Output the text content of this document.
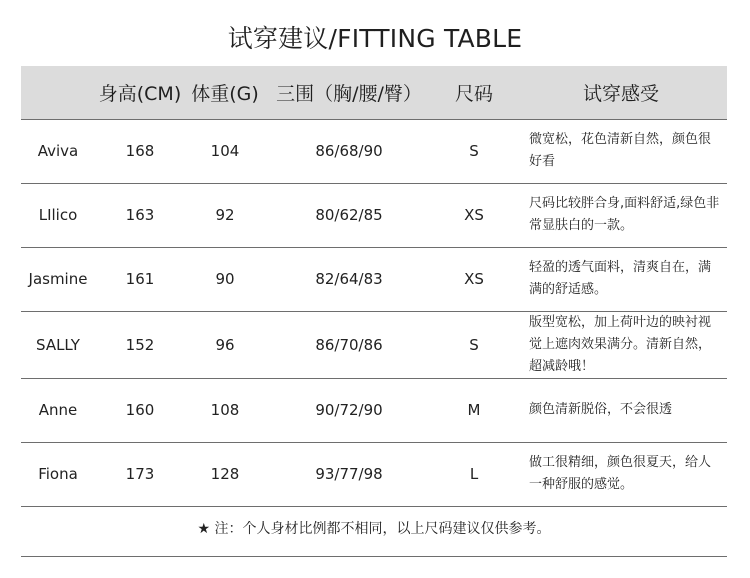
试穿建议/FITTING TABLE
	身高(CM)	体重(G)	三围（胸/腰/臀）	尺码	试穿感受
Aviva	168	104	86/68/90	S	微宽松，花色清新自然，颜色很好看
LIlico	163	92	80/62/85	XS	尺码比较胖合身,面料舒适,绿色非常显肤白的一款。
Jasmine	161	90	82/64/83	XS	轻盈的透气面料，清爽自在，满满的舒适感。
SALLY	152	96	86/70/86	S	版型宽松，加上荷叶边的映衬视觉上遮肉效果满分。清新自然，超减龄哦！
Anne	160	108	90/72/90	M	颜色清新脱俗，不会很透
Fiona	173	128	93/77/98	L	做工很精细，颜色很夏天，给人一种舒服的感觉。
★ 注：个人身材比例都不相同，以上尺码建议仅供参考。
